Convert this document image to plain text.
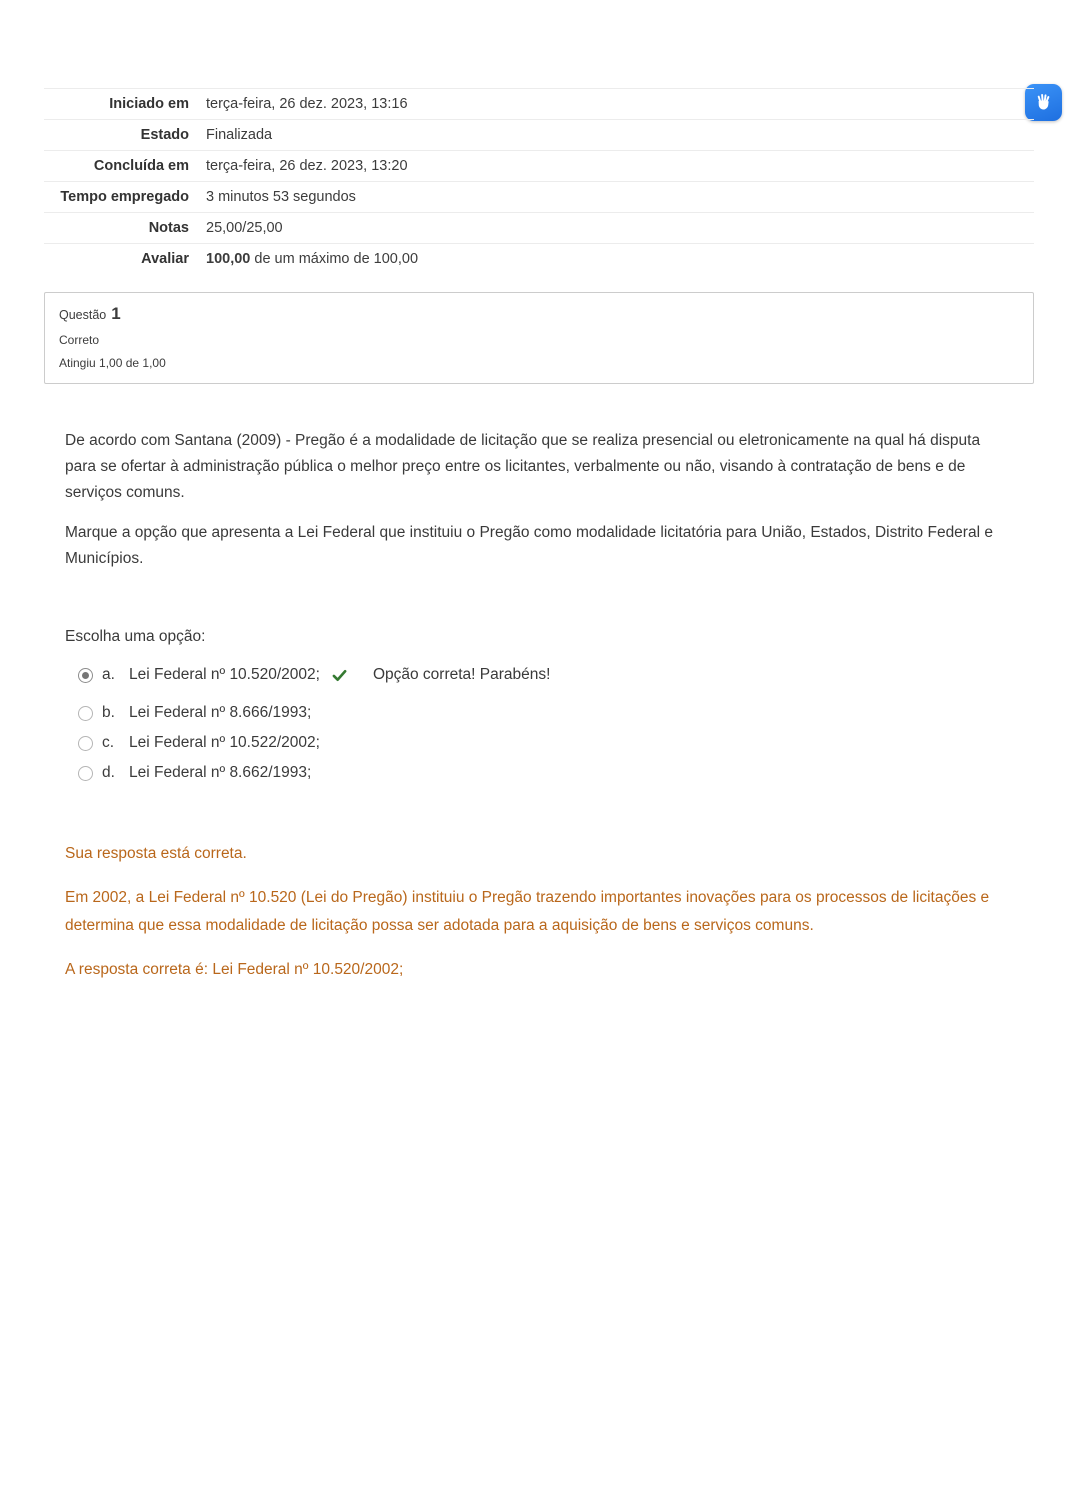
Iniciado em	terça-feira, 26 dez. 2023, 13:16
Estado	Finalizada
Concluída em	terça-feira, 26 dez. 2023, 13:20
Tempo empregado	3 minutos 53 segundos
Notas	25,00/25,00
Avaliar	100,00 de um máximo de 100,00
Questão 1
Correto
Atingiu 1,00 de 1,00

De acordo com Santana (2009) - Pregão é a modalidade de licitação que se realiza presencial ou eletronicamente na qual há disputa para se ofertar à administração pública o melhor preço entre os licitantes, verbalmente ou não, visando à contratação de bens e de serviços comuns.

Marque a opção que apresenta a Lei Federal que instituiu o Pregão como modalidade licitatória para União, Estados, Distrito Federal e Municípios.

Escolha uma opção:

a. Lei Federal nº 10.520/2002;	Opção correta! Parabéns!
b. Lei Federal nº 8.666/1993;
c. Lei Federal nº 10.522/2002;
d. Lei Federal nº 8.662/1993;

Sua resposta está correta.

Em 2002, a Lei Federal nº 10.520 (Lei do Pregão) instituiu o Pregão trazendo importantes inovações para os processos de licitações e determina que essa modalidade de licitação possa ser adotada para a aquisição de bens e serviços comuns.

A resposta correta é: Lei Federal nº 10.520/2002;
